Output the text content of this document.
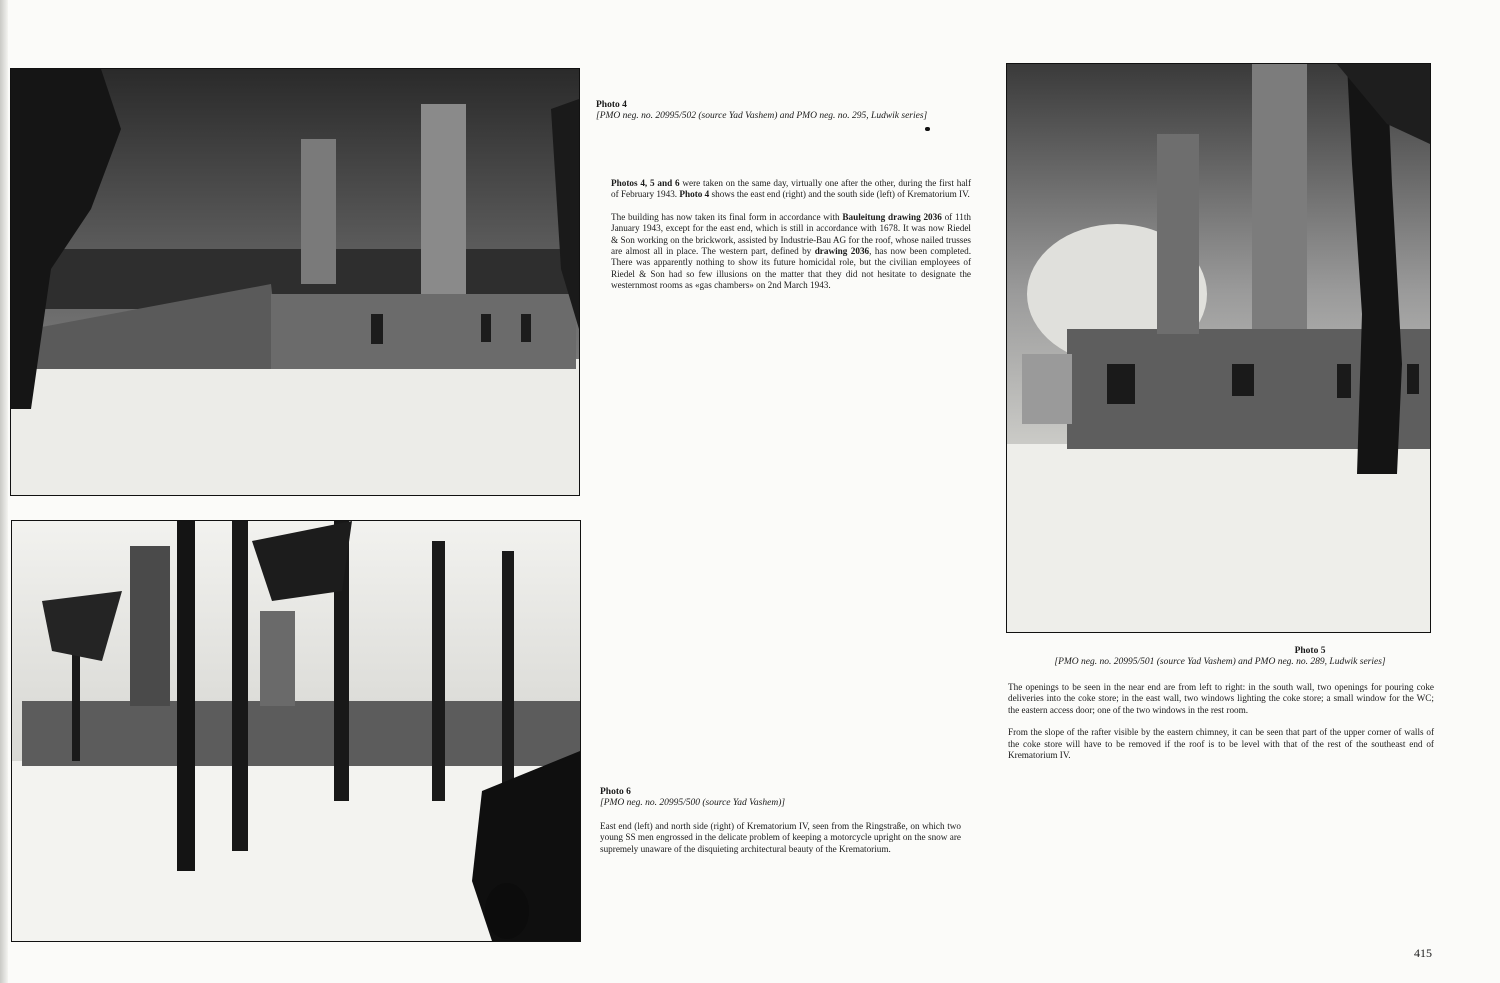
Photo 4
[PMO neg. no. 20995/502 (source Yad Vashem) and PMO neg. no. 295, Ludwik series]

Photos 4, 5 and 6 were taken on the same day, virtually one after the other, during the first half of February 1943. Photo 4 shows the east end (right) and the south side (left) of Krematorium IV.

The building has now taken its final form in accordance with Bauleitung drawing 2036 of 11th January 1943, except for the east end, which is still in accordance with 1678. It was now Riedel & Son working on the brickwork, assisted by Industrie-Bau AG for the roof, whose nailed trusses are almost all in place. The western part, defined by drawing 2036, has now been completed. There was apparently nothing to show its future homicidal role, but the civilian employees of Riedel & Son had so few illusions on the matter that they did not hesitate to designate the westernmost rooms as «gas chambers» on 2nd March 1943.

Photo 5
[PMO neg. no. 20995/501 (source Yad Vashem) and PMO neg. no. 289, Ludwik series]

The openings to be seen in the near end are from left to right: in the south wall, two openings for pouring coke deliveries into the coke store; in the east wall, two windows lighting the coke store; a small window for the WC; the eastern access door; one of the two windows in the rest room.

From the slope of the rafter visible by the eastern chimney, it can be seen that part of the upper corner of walls of the coke store will have to be removed if the roof is to be level with that of the rest of the southeast end of Krematorium IV.

Photo 6
[PMO neg. no. 20995/500 (source Yad Vashem)]

East end (left) and north side (right) of Krematorium IV, seen from the Ringstraße, on which two young SS men engrossed in the delicate problem of keeping a motorcycle upright on the snow are supremely unaware of the disquieting architectural beauty of the Krematorium.

415
